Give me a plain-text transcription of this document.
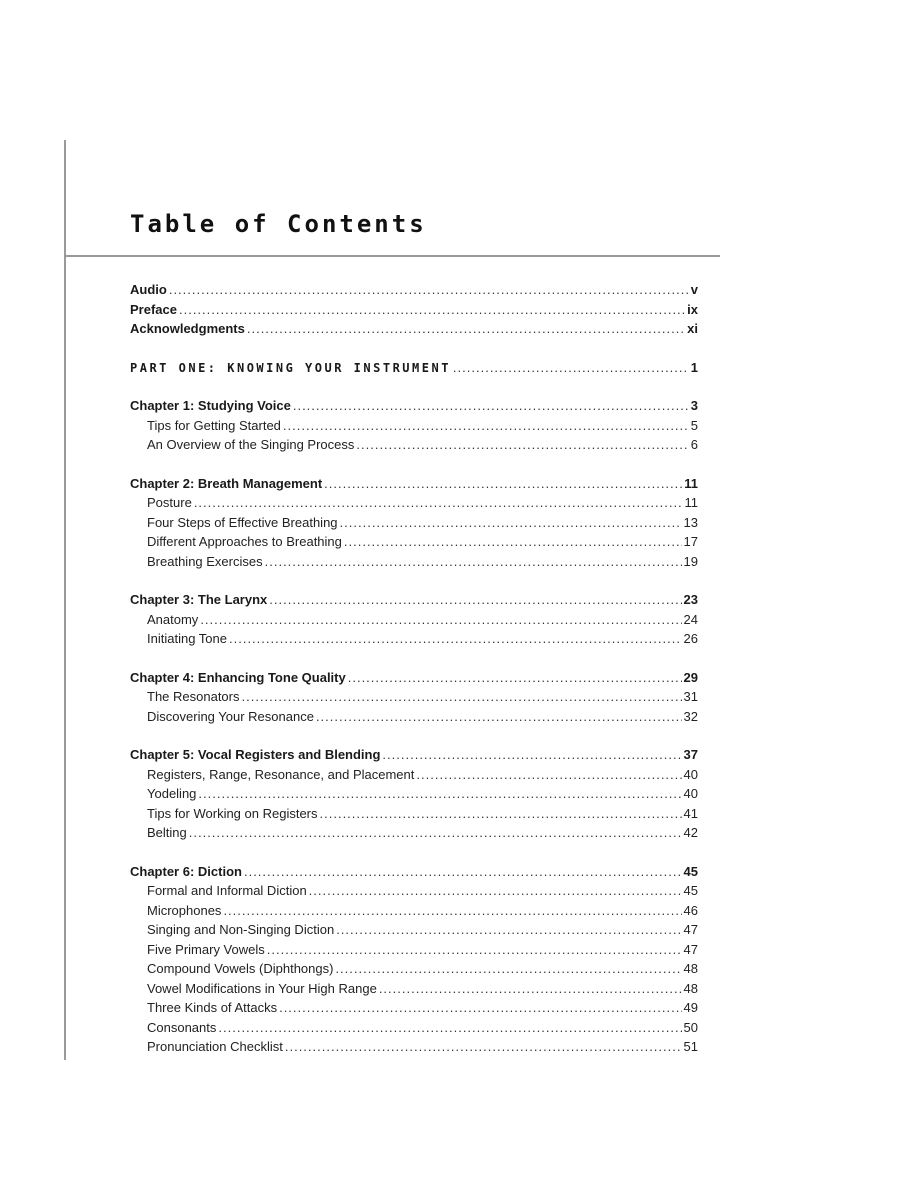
Table of Contents
Audio .....	v
Preface .....	ix
Acknowledgments .....	xi
PART ONE: KNOWING YOUR INSTRUMENT .....	1
Chapter 1: Studying Voice .....	3
Tips for Getting Started .....	5
An Overview of the Singing Process .....	6
Chapter 2: Breath Management .....	11
Posture .....	11
Four Steps of Effective Breathing .....	13
Different Approaches to Breathing .....	17
Breathing Exercises .....	19
Chapter 3: The Larynx .....	23
Anatomy .....	24
Initiating Tone .....	26
Chapter 4: Enhancing Tone Quality .....	29
The Resonators .....	31
Discovering Your Resonance .....	32
Chapter 5: Vocal Registers and Blending .....	37
Registers, Range, Resonance, and Placement .....	40
Yodeling .....	40
Tips for Working on Registers .....	41
Belting .....	42
Chapter 6: Diction .....	45
Formal and Informal Diction .....	45
Microphones .....	46
Singing and Non-Singing Diction .....	47
Five Primary Vowels .....	47
Compound Vowels (Diphthongs) .....	48
Vowel Modifications in Your High Range .....	48
Three Kinds of Attacks .....	49
Consonants .....	50
Pronunciation Checklist .....	51
